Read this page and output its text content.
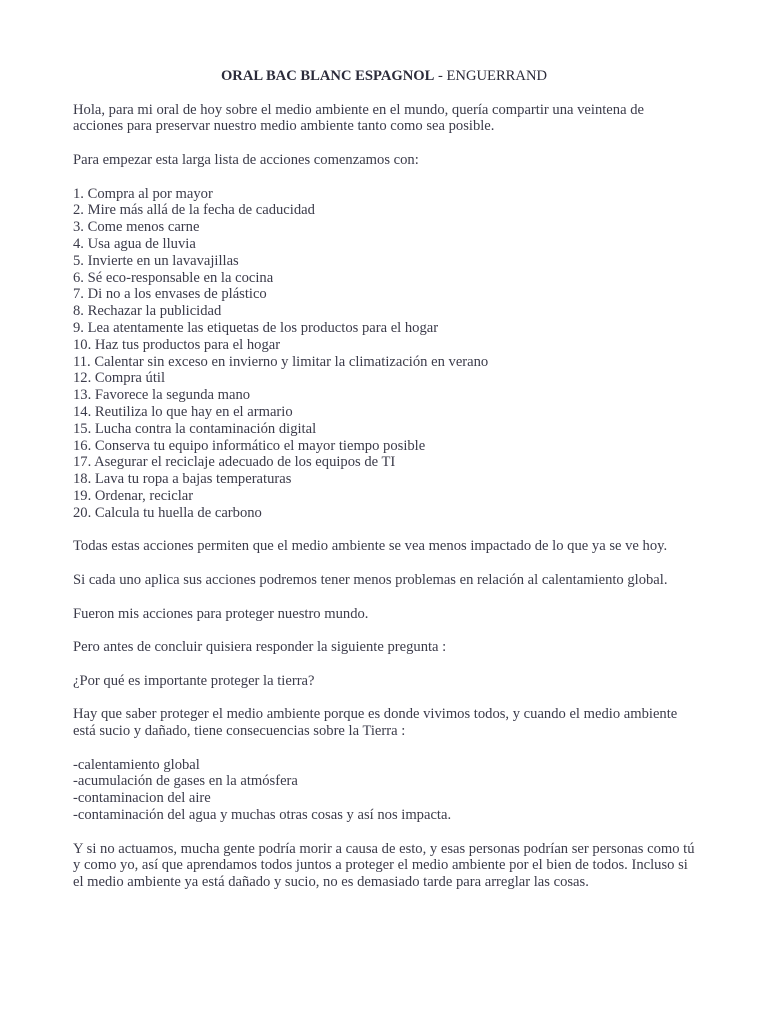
ORAL BAC BLANC ESPAGNOL - ENGUERRAND

Hola, para mi oral de hoy sobre el medio ambiente en el mundo, quería compartir una veintena de acciones para preservar nuestro medio ambiente tanto como sea posible.

Para empezar esta larga lista de acciones comenzamos con:

1. Compra al por mayor
2. Mire más allá de la fecha de caducidad
3. Come menos carne
4. Usa agua de lluvia
5. Invierte en un lavavajillas
6. Sé eco-responsable en la cocina
7. Di no a los envases de plástico
8. Rechazar la publicidad
9. Lea atentamente las etiquetas de los productos para el hogar
10. Haz tus productos para el hogar
11. Calentar sin exceso en invierno y limitar la climatización en verano
12. Compra útil
13. Favorece la segunda mano
14. Reutiliza lo que hay en el armario
15. Lucha contra la contaminación digital
16. Conserva tu equipo informático el mayor tiempo posible
17. Asegurar el reciclaje adecuado de los equipos de TI
18. Lava tu ropa a bajas temperaturas
19. Ordenar, reciclar
20. Calcula tu huella de carbono

Todas estas acciones permiten que el medio ambiente se vea menos impactado de lo que ya se ve hoy.

Si cada uno aplica sus acciones podremos tener menos problemas en relación al calentamiento global.

Fueron mis acciones para proteger nuestro mundo.

Pero antes de concluir quisiera responder la siguiente pregunta :

¿Por qué es importante proteger la tierra?

Hay que saber proteger el medio ambiente porque es donde vivimos todos, y cuando el medio ambiente está sucio y dañado, tiene consecuencias sobre la Tierra :

-calentamiento global
-acumulación de gases en la atmósfera
-contaminacion del aire
-contaminación del agua y muchas otras cosas y así nos impacta.

Y si no actuamos, mucha gente podría morir a causa de esto, y esas personas podrían ser personas como tú y como yo, así que aprendamos todos juntos a proteger el medio ambiente por el bien de todos. Incluso si el medio ambiente ya está dañado y sucio, no es demasiado tarde para arreglar las cosas.
